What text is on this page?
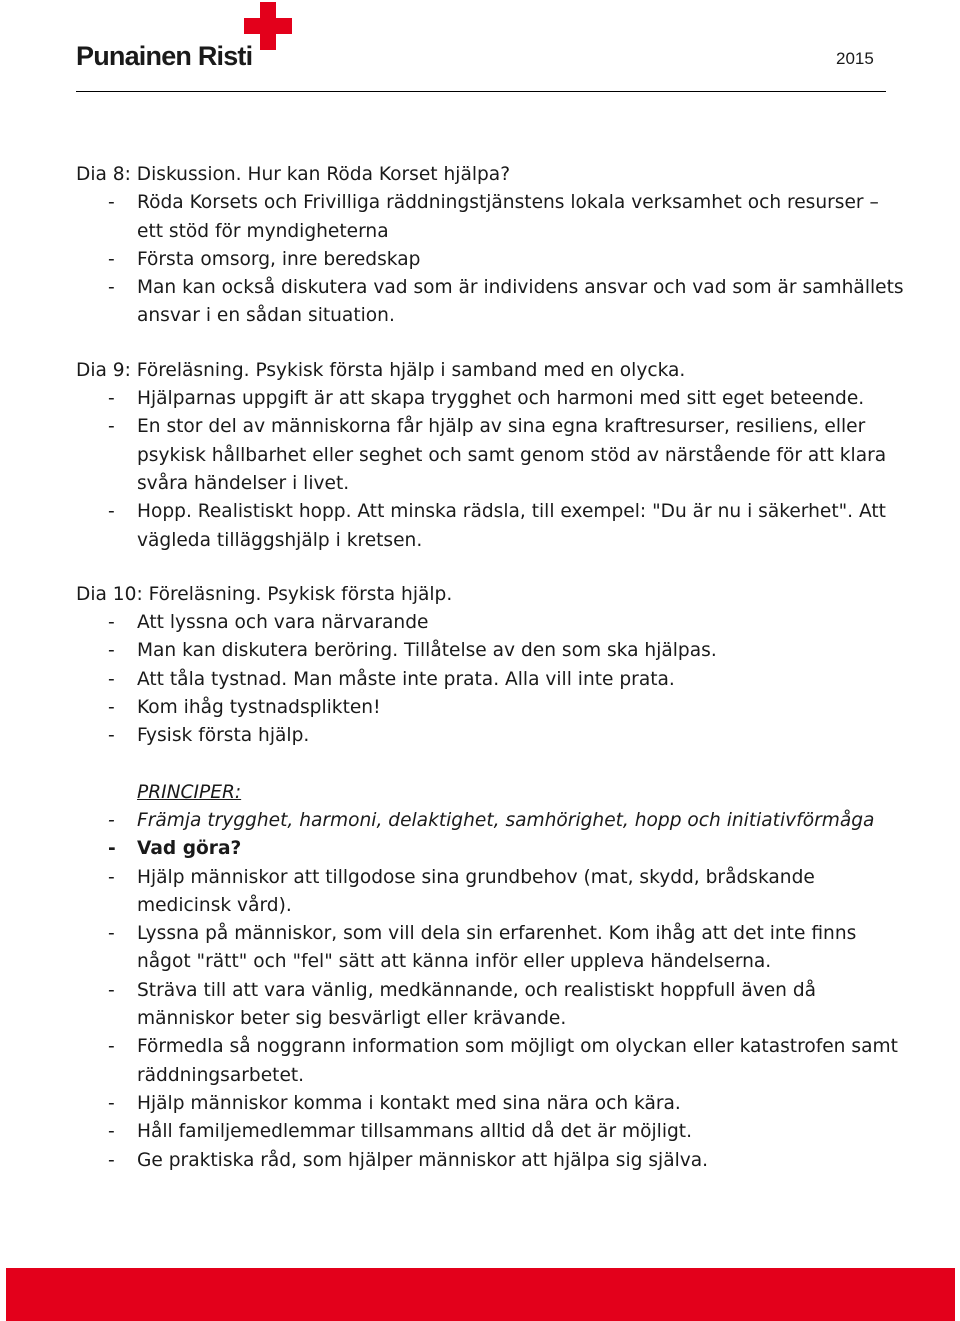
Punainen Risti	2015

Dia 8: Diskussion. Hur kan Röda Korset hjälpa?

- Röda Korsets och Frivilliga räddningstjänstens lokala verksamhet och resurser – ett stöd för myndigheterna
- Första omsorg, inre beredskap
- Man kan också diskutera vad som är individens ansvar och vad som är samhällets ansvar i en sådan situation.

Dia 9: Föreläsning. Psykisk första hjälp i samband med en olycka.

- Hjälparnas uppgift är att skapa trygghet och harmoni med sitt eget beteende.
- En stor del av människorna får hjälp av sina egna kraftresurser, resiliens, eller psykisk hållbarhet eller seghet och samt genom stöd av närstående för att klara svåra händelser i livet.
- Hopp. Realistiskt hopp. Att minska rädsla, till exempel: "Du är nu i säkerhet". Att vägleda tilläggshjälp i kretsen.

Dia 10: Föreläsning. Psykisk första hjälp.

- Att lyssna och vara närvarande
- Man kan diskutera beröring. Tillåtelse av den som ska hjälpas.
- Att tåla tystnad. Man måste inte prata. Alla vill inte prata.
- Kom ihåg tystnadsplikten!
- Fysisk första hjälp.

PRINCIPER:

- Främja trygghet, harmoni, delaktighet, samhörighet, hopp och initiativförmåga
- Vad göra?
- Hjälp människor att tillgodose sina grundbehov (mat, skydd, brådskande medicinsk vård).
- Lyssna på människor, som vill dela sin erfarenhet. Kom ihåg att det inte finns något "rätt" och "fel" sätt att känna inför eller uppleva händelserna.
- Sträva till att vara vänlig, medkännande, och realistiskt hoppfull även då människor beter sig besvärligt eller krävande.
- Förmedla så noggrann information som möjligt om olyckan eller katastrofen samt räddningsarbetet.
- Hjälp människor komma i kontakt med sina nära och kära.
- Håll familjemedlemmar tillsammans alltid då det är möjligt.
- Ge praktiska råd, som hjälper människor att hjälpa sig själva.
